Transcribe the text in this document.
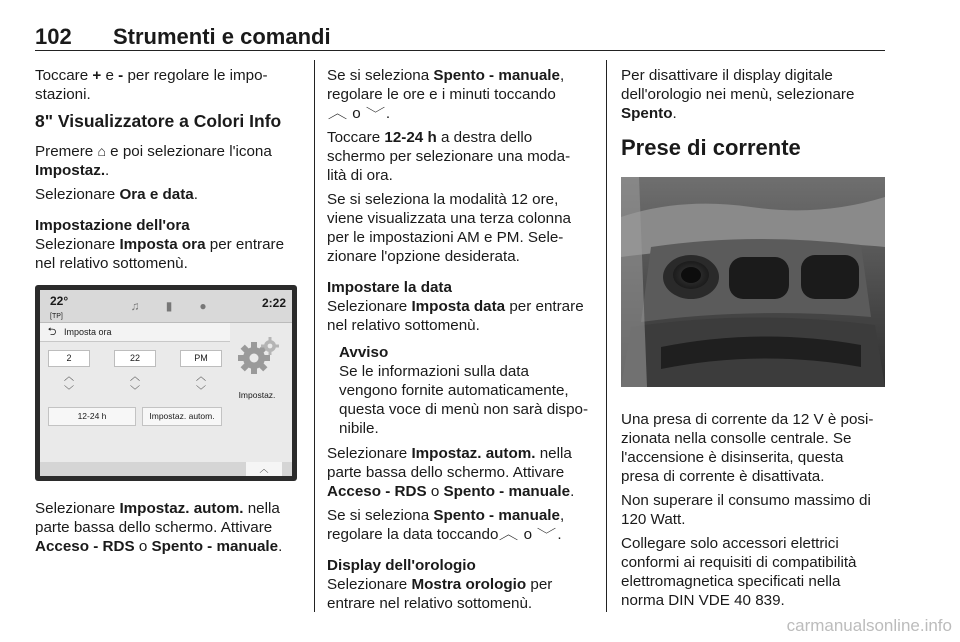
102 Strumenti e comandi

Toccare + e - per regolare le impo-
stazioni.

8" Visualizzatore a Colori Info

Premere ⌂ e poi selezionare l'icona
Impostaz..

Selezionare Ora e data.

Impostazione dell'ora

Selezionare Imposta ora per entrare
nel relativo sottomenù.

22°
[TP]
♫	▮	●	2:22
⮌ Imposta ora
2	22	PM
︿
﹀
︿
﹀
︿
﹀
12-24 h	Impostaz. autom.
Impostaz.
︿

Selezionare Impostaz. autom. nella
parte bassa dello schermo. Attivare
Acceso - RDS o Spento - manuale.

Se si seleziona Spento - manuale,
regolare le ore e i minuti toccando
︿ o ﹀.

Toccare 12-24 h a destra dello
schermo per selezionare una moda-
lità di ora.

Se si seleziona la modalità 12 ore,
viene visualizzata una terza colonna
per le impostazioni AM e PM. Sele-
zionare l'opzione desiderata.

Impostare la data

Selezionare Imposta data per entrare
nel relativo sottomenù.

Avviso
Se le informazioni sulla data
vengono fornite automaticamente,
questa voce di menù non sarà dispo-
nibile.

Selezionare Impostaz. autom. nella
parte bassa dello schermo. Attivare
Acceso - RDS o Spento - manuale.

Se si seleziona Spento - manuale,
regolare la data toccando︿ o ﹀.

Display dell'orologio

Selezionare Mostra orologio per
entrare nel relativo sottomenù.

Per disattivare il display digitale
dell'orologio nei menù, selezionare
Spento.

Prese di corrente

Una presa di corrente da 12 V è posi-
zionata nella consolle centrale. Se
l'accensione è disinserita, questa
presa di corrente è disattivata.

Non superare il consumo massimo di
120 Watt.

Collegare solo accessori elettrici
conformi ai requisiti di compatibilità
elettromagnetica specificati nella
norma DIN VDE 40 839.

carmanualsonline.info
